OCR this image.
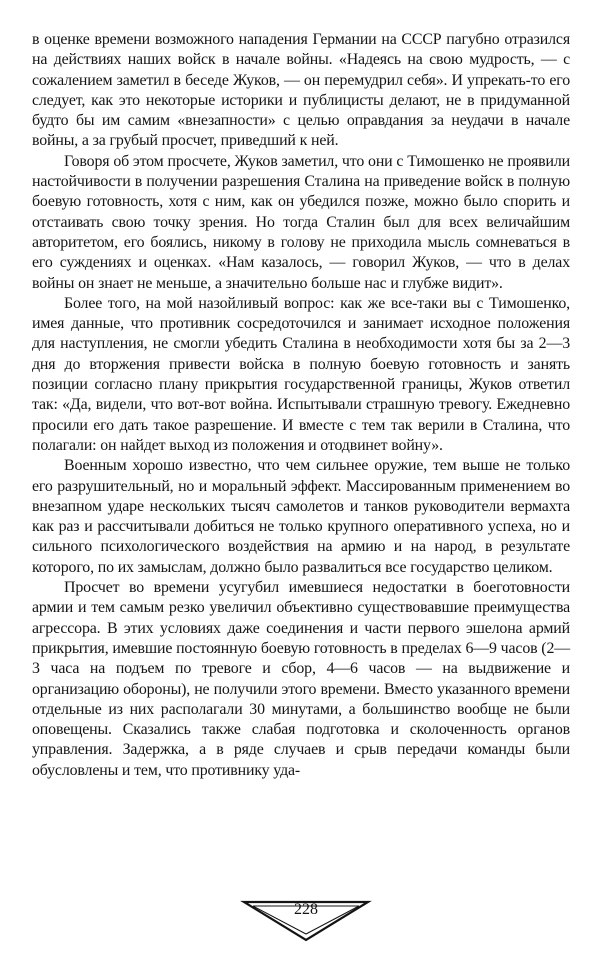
в оценке времени возможного нападения Германии на СССР пагубно отразился на действиях наших войск в начале войны. «Надеясь на свою мудрость, — с сожалением заметил в беседе Жуков, — он перемудрил себя». И упрекать-то его следует, как это некоторые историки и публицисты делают, не в придуманной будто бы им самим «внезапности» с целью оправдания за неудачи в начале войны, а за грубый просчет, приведший к ней.

Говоря об этом просчете, Жуков заметил, что они с Тимошенко не проявили настойчивости в получении разрешения Сталина на приведение войск в полную боевую готовность, хотя с ним, как он убедился позже, можно было спорить и отстаивать свою точку зрения. Но тогда Сталин был для всех величайшим авторитетом, его боялись, никому в голову не приходила мысль сомневаться в его суждениях и оценках. «Нам казалось, — говорил Жуков, — что в делах войны он знает не меньше, а значительно больше нас и глубже видит».

Более того, на мой назойливый вопрос: как же все-таки вы с Тимошенко, имея данные, что противник сосредоточился и занимает исходное положения для наступления, не смогли убедить Сталина в необходимости хотя бы за 2—3 дня до вторжения привести войска в полную боевую готовность и занять позиции согласно плану прикрытия государственной границы, Жуков ответил так: «Да, видели, что вот-вот война. Испытывали страшную тревогу. Ежедневно просили его дать такое разрешение. И вместе с тем так верили в Сталина, что полагали: он найдет выход из положения и отодвинет войну».

Военным хорошо известно, что чем сильнее оружие, тем выше не только его разрушительный, но и моральный эффект. Массированным применением во внезапном ударе нескольких тысяч самолетов и танков руководители вермахта как раз и рассчитывали добиться не только крупного оперативного успеха, но и сильного психологического воздействия на армию и на народ, в результате которого, по их замыслам, должно было развалиться все государство целиком.

Просчет во времени усугубил имевшиеся недостатки в боеготовности армии и тем самым резко увеличил объективно существовавшие преимущества агрессора. В этих условиях даже соединения и части первого эшелона армий прикрытия, имевшие постоянную боевую готовность в пределах 6—9 часов (2—3 часа на подъем по тревоге и сбор, 4—6 часов — на выдвижение и организацию обороны), не получили этого времени. Вместо указанного времени отдельные из них располагали 30 минутами, а большинство вообще не были оповещены. Сказались также слабая подготовка и сколоченность органов управления. Задержка, а в ряде случаев и срыв передачи команды были обусловлены и тем, что противнику уда-

228
